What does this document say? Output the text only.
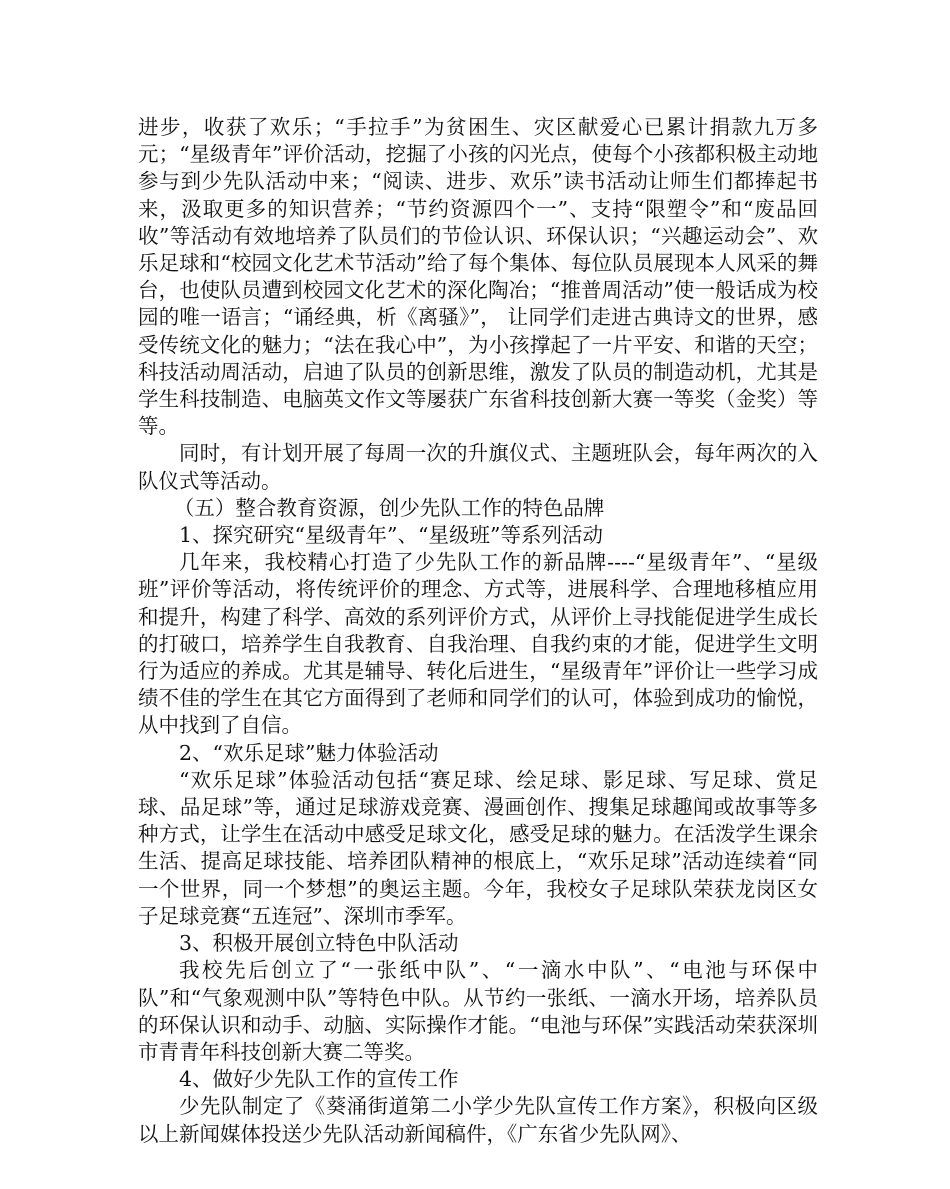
进步，收获了欢乐；“手拉手”为贫困生、灾区献爱心已累计捐款九万多元；“星级青年”评价活动，挖掘了小孩的闪光点，使每个小孩都积极主动地参与到少先队活动中来；“阅读、进步、欢乐”读书活动让师生们都捧起书来，汲取更多的知识营养；“节约资源四个一”、支持“限塑令”和“废品回收”等活动有效地培养了队员们的节俭认识、环保认识；“兴趣运动会”、欢乐足球和“校园文化艺术节活动”给了每个集体、每位队员展现本人风采的舞台，也使队员遭到校园文化艺术的深化陶冶；“推普周活动”使一般话成为校园的唯一语言；“诵经典，析《离骚》”， 让同学们走进古典诗文的世界，感受传统文化的魅力；“法在我心中”，为小孩撑起了一片平安、和谐的天空；科技活动周活动，启迪了队员的创新思维，激发了队员的制造动机，尤其是学生科技制造、电脑英文作文等屡获广东省科技创新大赛一等奖（金奖）等等。

同时，有计划开展了每周一次的升旗仪式、主题班队会，每年两次的入队仪式等活动。

（五）整合教育资源，创少先队工作的特色品牌

1、探究研究“星级青年”、“星级班”等系列活动

几年来，我校精心打造了少先队工作的新品牌----“星级青年”、“星级班”评价等活动，将传统评价的理念、方式等，进展科学、合理地移植应用和提升，构建了科学、高效的系列评价方式，从评价上寻找能促进学生成长的打破口，培养学生自我教育、自我治理、自我约束的才能，促进学生文明行为适应的养成。尤其是辅导、转化后进生，“星级青年”评价让一些学习成绩不佳的学生在其它方面得到了老师和同学们的认可，体验到成功的愉悦，从中找到了自信。

2、“欢乐足球”魅力体验活动

“欢乐足球”体验活动包括“赛足球、绘足球、影足球、写足球、赏足球、品足球”等，通过足球游戏竞赛、漫画创作、搜集足球趣闻或故事等多种方式，让学生在活动中感受足球文化，感受足球的魅力。在活泼学生课余生活、提高足球技能、培养团队精神的根底上，“欢乐足球”活动连续着“同一个世界，同一个梦想”的奥运主题。今年，我校女子足球队荣获龙岗区女子足球竞赛“五连冠”、深圳市季军。

3、积极开展创立特色中队活动

我校先后创立了“一张纸中队”、“一滴水中队”、“电池与环保中队”和“气象观测中队”等特色中队。从节约一张纸、一滴水开场，培养队员的环保认识和动手、动脑、实际操作才能。“电池与环保”实践活动荣获深圳市青青年科技创新大赛二等奖。

4、做好少先队工作的宣传工作

少先队制定了《葵涌街道第二小学少先队宣传工作方案》，积极向区级以上新闻媒体投送少先队活动新闻稿件，《广东省少先队网》、
